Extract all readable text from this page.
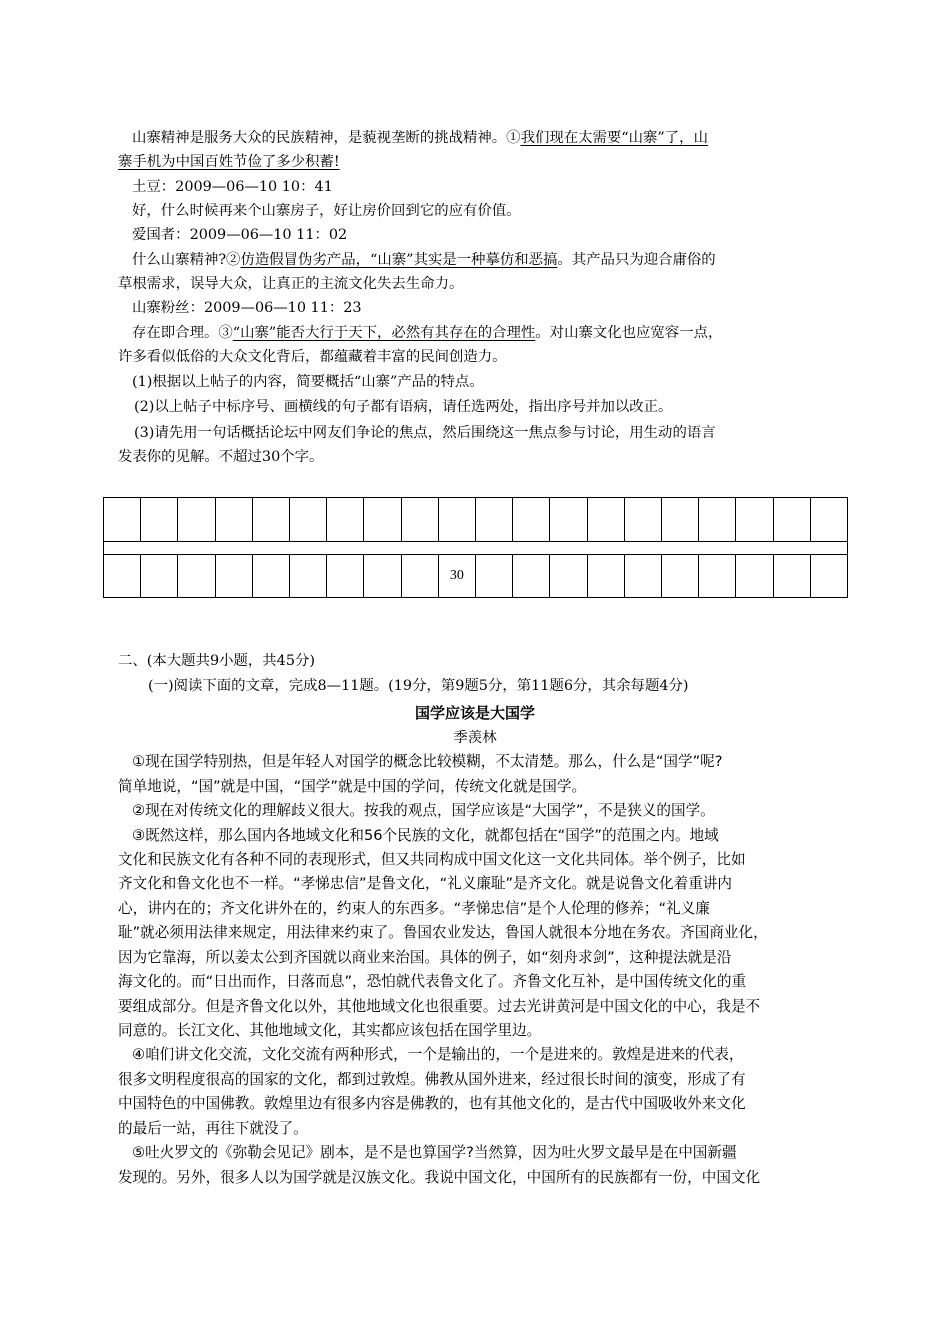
山寨精神是服务大众的民族精神，是藐视垄断的挑战精神。①我们现在太需要“山寨”了，山
寨手机为中国百姓节俭了多少积蓄!
土豆：2009—06—10 10：41
好，什么时候再来个山寨房子，好让房价回到它的应有价值。
爱国者：2009—06—10 11：02
什么山寨精神?②仿造假冒伪劣产品，“山寨”其实是一种摹仿和恶搞。其产品只为迎合庸俗的
草根需求，误导大众，让真正的主流文化失去生命力。
山寨粉丝：2009—06—10 11：23
存在即合理。③“山寨”能否大行于天下，必然有其存在的合理性。对山寨文化也应宽容一点，
许多看似低俗的大众文化背后，都蕴藏着丰富的民间创造力。
(1)根据以上帖子的内容，简要概括“山寨”产品的特点。
(2)以上帖子中标序号、画横线的句子都有语病，请任选两处，指出序号并加以改正。
(3)请先用一句话概括论坛中网友们争论的焦点，然后围绕这一焦点参与讨论，用生动的语言
发表你的见解。不超过30个字。
30
二、(本大题共9小题，共45分)
(一)阅读下面的文章，完成8—11题。(19分，第9题5分，第11题6分，其余每题4分)
国学应该是大国学
季羡林
①现在国学特别热，但是年轻人对国学的概念比较模糊，不太清楚。那么，什么是“国学”呢?
简单地说，“国”就是中国，“国学”就是中国的学问，传统文化就是国学。
②现在对传统文化的理解歧义很大。按我的观点，国学应该是“大国学”，不是狭义的国学。
③既然这样，那么国内各地域文化和56个民族的文化，就都包括在“国学”的范围之内。地域
文化和民族文化有各种不同的表现形式，但又共同构成中国文化这一文化共同体。举个例子，比如
齐文化和鲁文化也不一样。“孝悌忠信”是鲁文化，“礼义廉耻”是齐文化。就是说鲁文化着重讲内
心，讲内在的；齐文化讲外在的，约束人的东西多。“孝悌忠信”是个人伦理的修养；“礼义廉
耻”就必须用法律来规定，用法律来约束了。鲁国农业发达，鲁国人就很本分地在务农。齐国商业化，
因为它靠海，所以姜太公到齐国就以商业来治国。具体的例子，如“刻舟求剑”，这种提法就是沿
海文化的。而“日出而作，日落而息”，恐怕就代表鲁文化了。齐鲁文化互补，是中国传统文化的重
要组成部分。但是齐鲁文化以外，其他地域文化也很重要。过去光讲黄河是中国文化的中心，我是不
同意的。长江文化、其他地域文化，其实都应该包括在国学里边。
④咱们讲文化交流，文化交流有两种形式，一个是输出的，一个是进来的。敦煌是进来的代表，
很多文明程度很高的国家的文化，都到过敦煌。佛教从国外进来，经过很长时间的演变，形成了有
中国特色的中国佛教。敦煌里边有很多内容是佛教的，也有其他文化的，是古代中国吸收外来文化
的最后一站，再往下就没了。
⑤吐火罗文的《弥勒会见记》剧本，是不是也算国学?当然算，因为吐火罗文最早是在中国新疆
发现的。另外，很多人以为国学就是汉族文化。我说中国文化，中国所有的民族都有一份，中国文化
